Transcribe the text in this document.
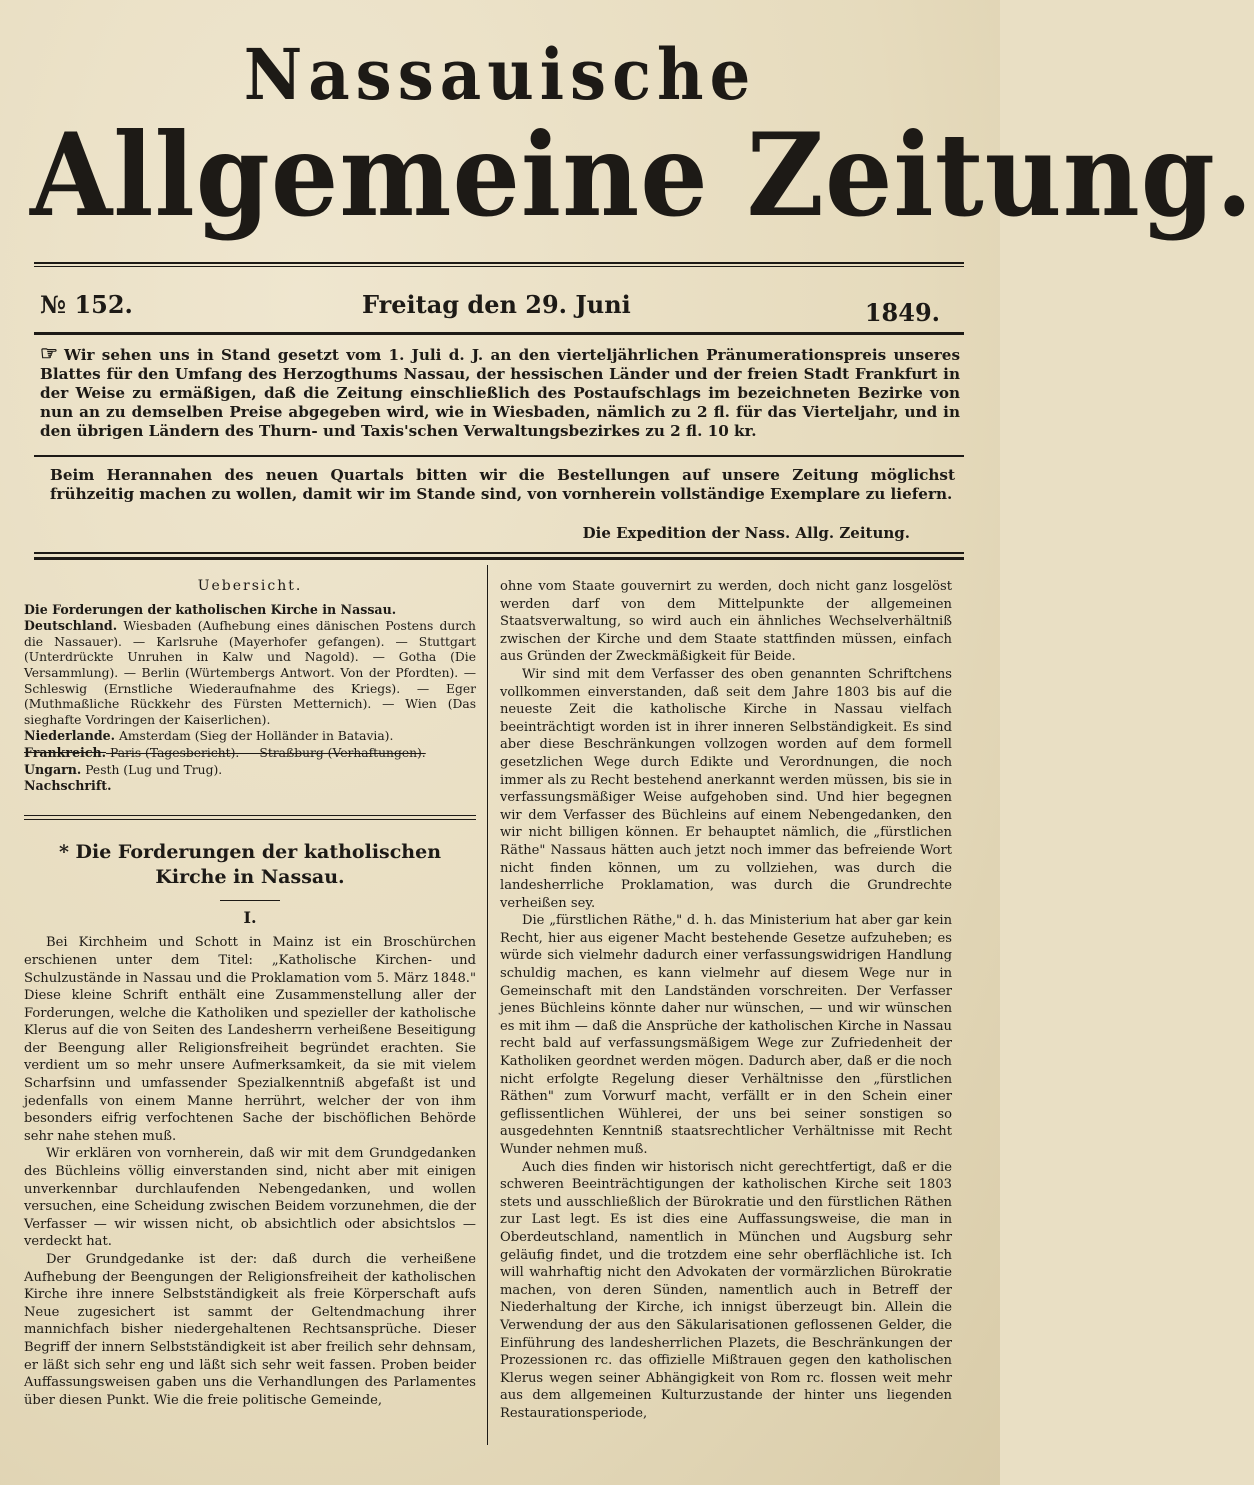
Nassauische
Allgemeine Zeitung.
№ 152.	Freitag den 29. Juni	1849.
☞ Wir sehen uns in Stand gesetzt vom 1. Juli d. J. an den vierteljährlichen Pränumerationspreis unseres Blattes für den Umfang des Herzogthums Nassau, der hessischen Länder und der freien Stadt Frankfurt in der Weise zu ermäßigen, daß die Zeitung einschließlich des Postaufschlags im bezeichneten Bezirke von nun an zu demselben Preise abgegeben wird, wie in Wiesbaden, nämlich zu 2 fl. für das Vierteljahr, und in den übrigen Ländern des Thurn- und Taxis'schen Verwaltungsbezirkes zu 2 fl. 10 kr.
Beim Herannahen des neuen Quartals bitten wir die Bestellungen auf unsere Zeitung möglichst frühzeitig machen zu wollen, damit wir im Stande sind, von vornherein vollständige Exemplare zu liefern.
Die Expedition der Nass. Allg. Zeitung.
Uebersicht.

Die Forderungen der katholischen Kirche in Nassau.

Deutschland. Wiesbaden (Aufhebung eines dänischen Postens durch die Nassauer). — Karlsruhe (Mayerhofer gefangen). — Stuttgart (Unterdrückte Unruhen in Kalw und Nagold). — Gotha (Die Versammlung). — Berlin (Würtembergs Antwort. Von der Pfordten). — Schleswig (Ernstliche Wiederaufnahme des Kriegs). — Eger (Muthmaßliche Rückkehr des Fürsten Metternich). — Wien (Das sieghafte Vordringen der Kaiserlichen).

Niederlande. Amsterdam (Sieg der Holländer in Batavia).

Frankreich. Paris (Tagesbericht). — Straßburg (Verhaftungen).

Ungarn. Pesth (Lug und Trug).

Nachschrift.

* Die Forderungen der katholischen Kirche in Nassau.
I.

Bei Kirchheim und Schott in Mainz ist ein Broschürchen erschienen unter dem Titel: „Katholische Kirchen- und Schulzustände in Nassau und die Proklamation vom 5. März 1848." Diese kleine Schrift enthält eine Zusammenstellung aller der Forderungen, welche die Katholiken und spezieller der katholische Klerus auf die von Seiten des Landesherrn verheißene Beseitigung der Beengung aller Religionsfreiheit begründet erachten. Sie verdient um so mehr unsere Aufmerksamkeit, da sie mit vielem Scharfsinn und umfassender Spezialkenntniß abgefaßt ist und jedenfalls von einem Manne herrührt, welcher der von ihm besonders eifrig verfochtenen Sache der bischöflichen Behörde sehr nahe stehen muß.

Wir erklären von vornherein, daß wir mit dem Grundgedanken des Büchleins völlig einverstanden sind, nicht aber mit einigen unverkennbar durchlaufenden Nebengedanken, und wollen versuchen, eine Scheidung zwischen Beidem vorzunehmen, die der Verfasser — wir wissen nicht, ob absichtlich oder absichtslos — verdeckt hat.

Der Grundgedanke ist der: daß durch die verheißene Aufhebung der Beengungen der Religionsfreiheit der katholischen Kirche ihre innere Selbstständigkeit als freie Körperschaft aufs Neue zugesichert ist sammt der Geltendmachung ihrer mannichfach bisher niedergehaltenen Rechtsansprüche. Dieser Begriff der innern Selbstständigkeit ist aber freilich sehr dehnsam, er läßt sich sehr eng und läßt sich sehr weit fassen. Proben beider Auffassungsweisen gaben uns die Verhandlungen des Parlamentes über diesen Punkt. Wie die freie politische Gemeinde,

ohne vom Staate gouvernirt zu werden, doch nicht ganz losgelöst werden darf von dem Mittelpunkte der allgemeinen Staatsverwaltung, so wird auch ein ähnliches Wechselverhältniß zwischen der Kirche und dem Staate stattfinden müssen, einfach aus Gründen der Zweckmäßigkeit für Beide.

Wir sind mit dem Verfasser des oben genannten Schriftchens vollkommen einverstanden, daß seit dem Jahre 1803 bis auf die neueste Zeit die katholische Kirche in Nassau vielfach beeinträchtigt worden ist in ihrer inneren Selbständigkeit. Es sind aber diese Beschränkungen vollzogen worden auf dem formell gesetzlichen Wege durch Edikte und Verordnungen, die noch immer als zu Recht bestehend anerkannt werden müssen, bis sie in verfassungsmäßiger Weise aufgehoben sind. Und hier begegnen wir dem Verfasser des Büchleins auf einem Nebengedanken, den wir nicht billigen können. Er behauptet nämlich, die „fürstlichen Räthe" Nassaus hätten auch jetzt noch immer das befreiende Wort nicht finden können, um zu vollziehen, was durch die landesherrliche Proklamation, was durch die Grundrechte verheißen sey.

Die „fürstlichen Räthe," d. h. das Ministerium hat aber gar kein Recht, hier aus eigener Macht bestehende Gesetze aufzuheben; es würde sich vielmehr dadurch einer verfassungswidrigen Handlung schuldig machen, es kann vielmehr auf diesem Wege nur in Gemeinschaft mit den Landständen vorschreiten. Der Verfasser jenes Büchleins könnte daher nur wünschen, — und wir wünschen es mit ihm — daß die Ansprüche der katholischen Kirche in Nassau recht bald auf verfassungsmäßigem Wege zur Zufriedenheit der Katholiken geordnet werden mögen. Dadurch aber, daß er die noch nicht erfolgte Regelung dieser Verhältnisse den „fürstlichen Räthen" zum Vorwurf macht, verfällt er in den Schein einer geflissentlichen Wühlerei, der uns bei seiner sonstigen so ausgedehnten Kenntniß staatsrechtlicher Verhältnisse mit Recht Wunder nehmen muß.

Auch dies finden wir historisch nicht gerechtfertigt, daß er die schweren Beeinträchtigungen der katholischen Kirche seit 1803 stets und ausschließlich der Bürokratie und den fürstlichen Räthen zur Last legt. Es ist dies eine Auffassungsweise, die man in Oberdeutschland, namentlich in München und Augsburg sehr geläufig findet, und die trotzdem eine sehr oberflächliche ist. Ich will wahrhaftig nicht den Advokaten der vormärzlichen Bürokratie machen, von deren Sünden, namentlich auch in Betreff der Niederhaltung der Kirche, ich innigst überzeugt bin. Allein die Verwendung der aus den Säkularisationen geflossenen Gelder, die Einführung des landesherrlichen Plazets, die Beschränkungen der Prozessionen rc. das offizielle Mißtrauen gegen den katholischen Klerus wegen seiner Abhängigkeit von Rom rc. flossen weit mehr aus dem allgemeinen Kulturzustande der hinter uns liegenden Restaurationsperiode,
